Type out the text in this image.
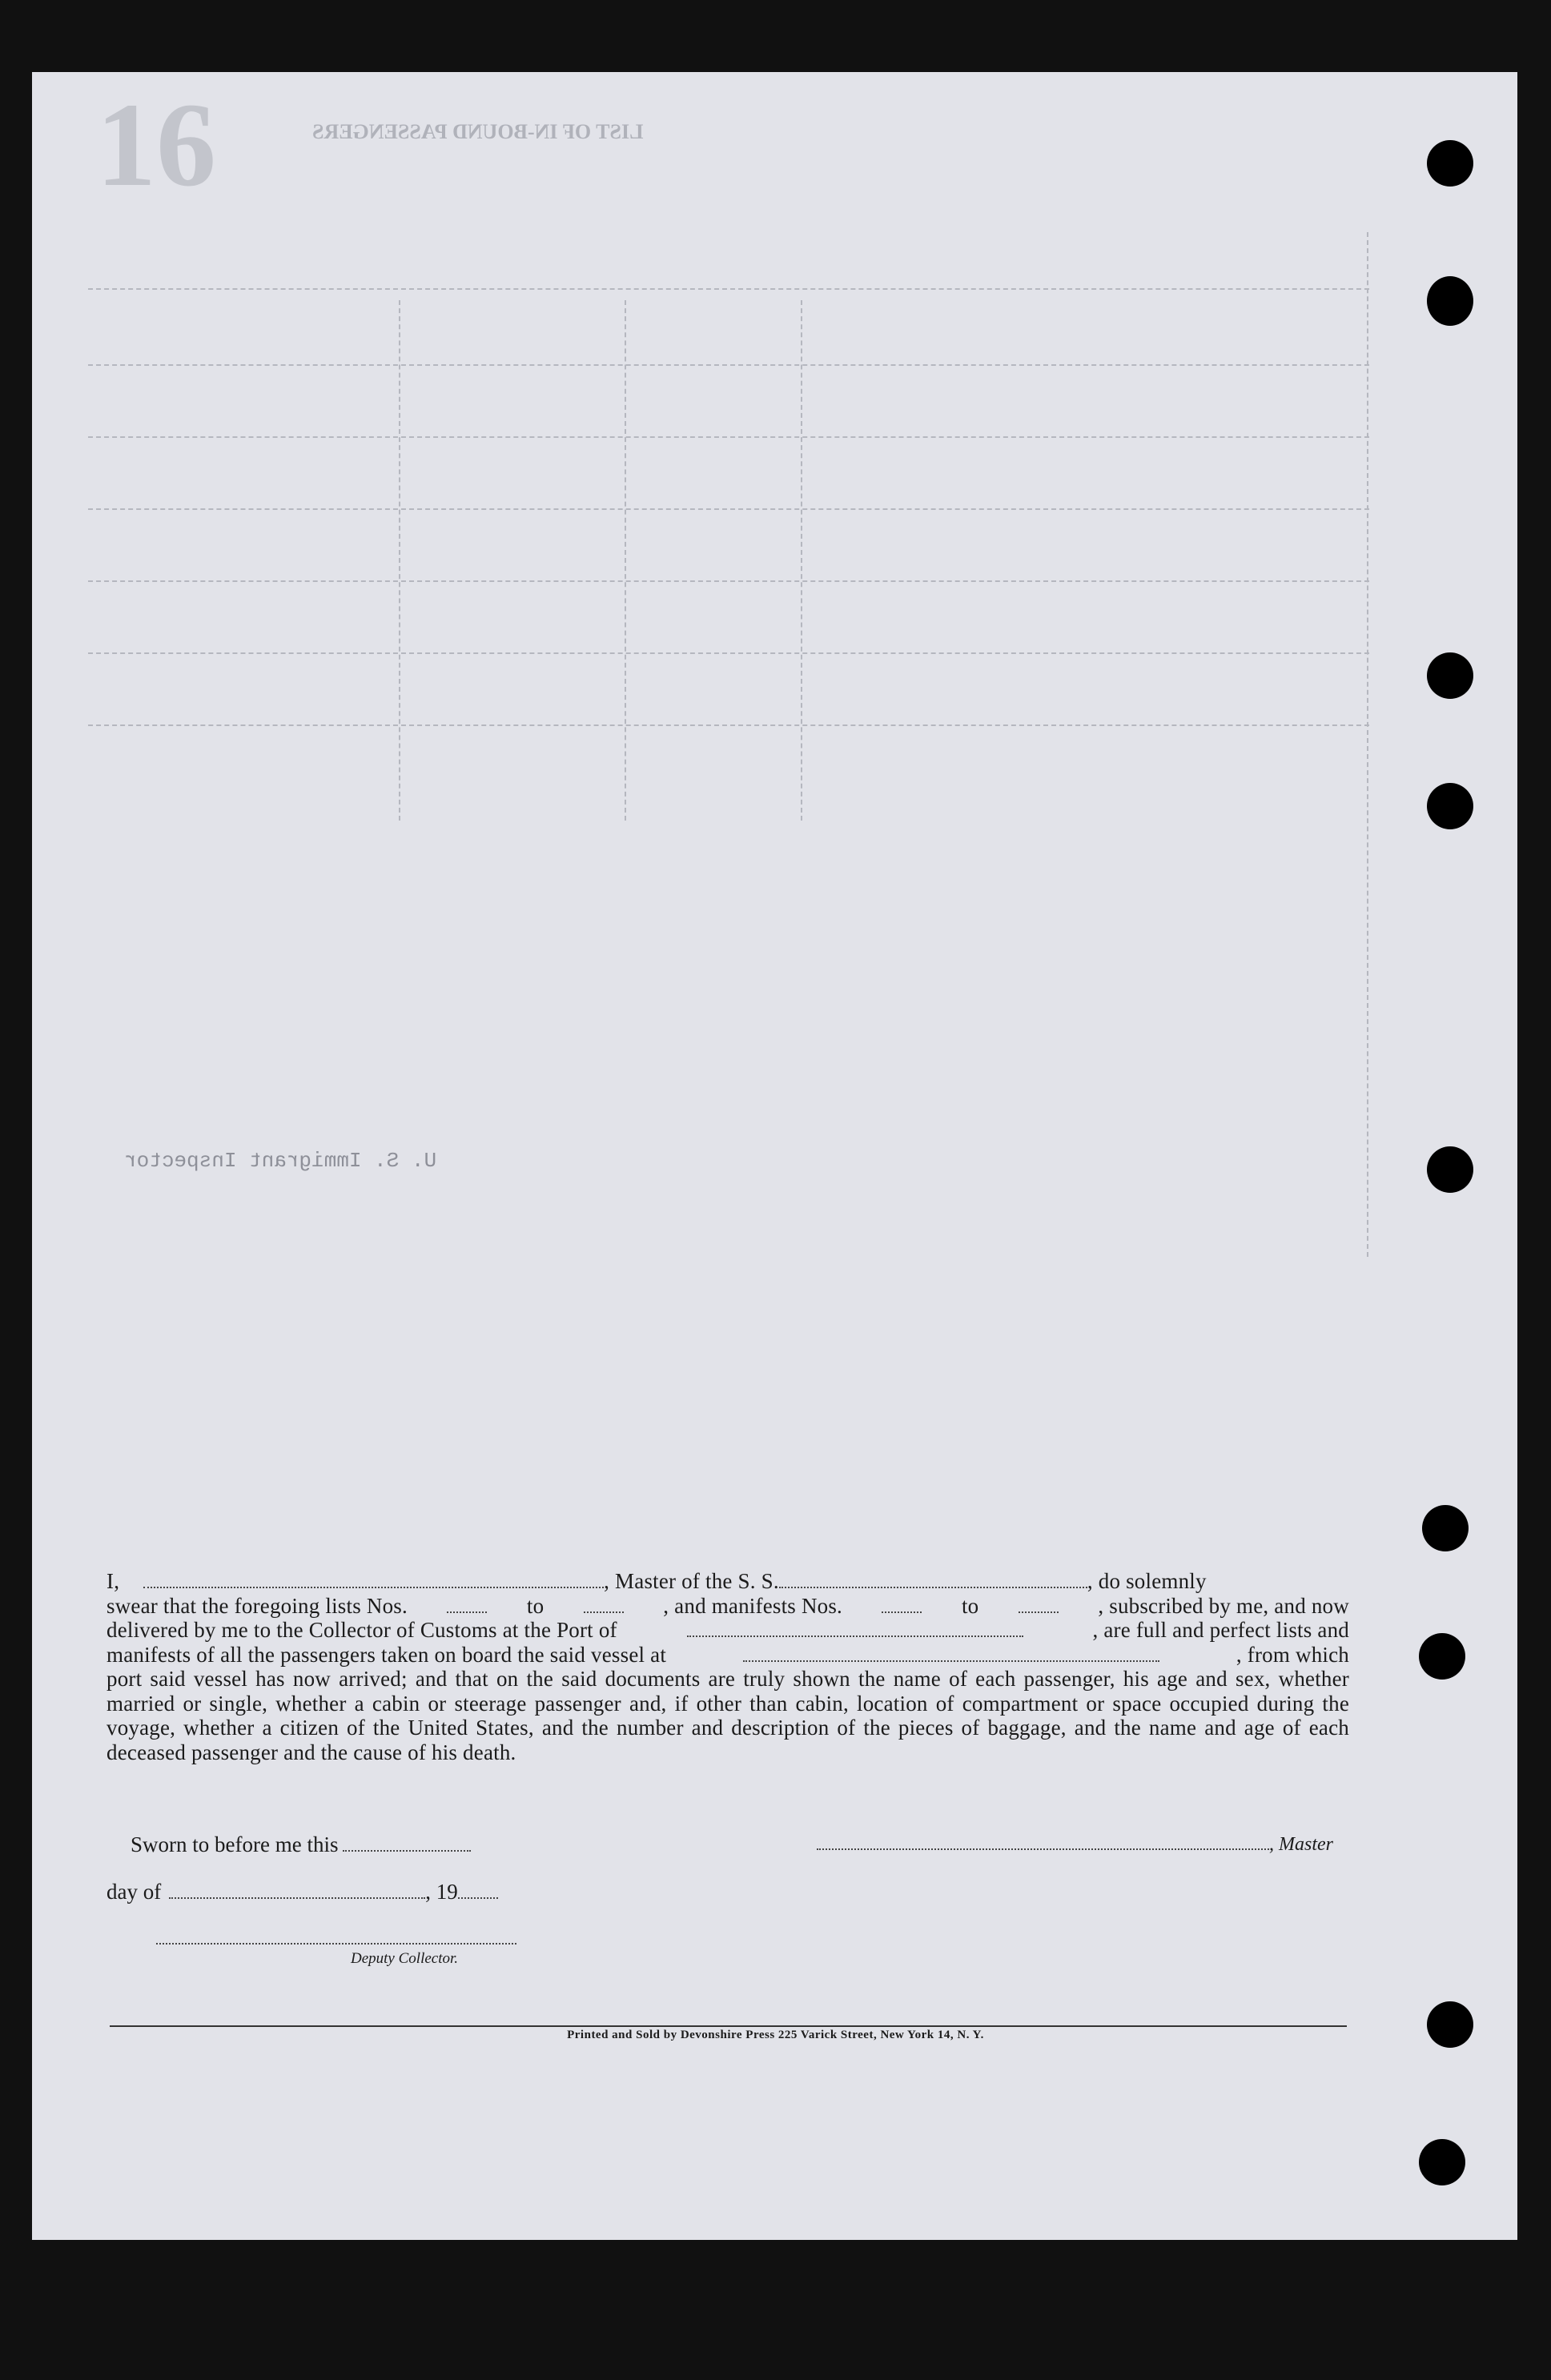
16	LIST OF IN-BOUND PASSENGERS
U. S. Immigrant Inspector
I,	, Master of the S. S.	, do solemnly
swear that the foregoing lists Nos.	to	, and manifests Nos.	to	, subscribed by me, and now
delivered by me to the Collector of Customs at the Port of	, are full and perfect lists and
manifests of all the passengers taken on board the said vessel at	, from which
port said vessel has now arrived; and that on the said documents are truly shown the name of each passenger, his age and sex, whether married or single, whether a cabin or steerage passenger and, if other than cabin, location of compartment or space occupied during the voyage, whether a citizen of the United States, and the number and description of the pieces of baggage, and the name and age of each deceased passenger and the cause of his death.
Sworn to before me this	, Master
day of	, 19
Deputy Collector.
Printed and Sold by Devonshire Press 225 Varick Street, New York 14, N. Y.
